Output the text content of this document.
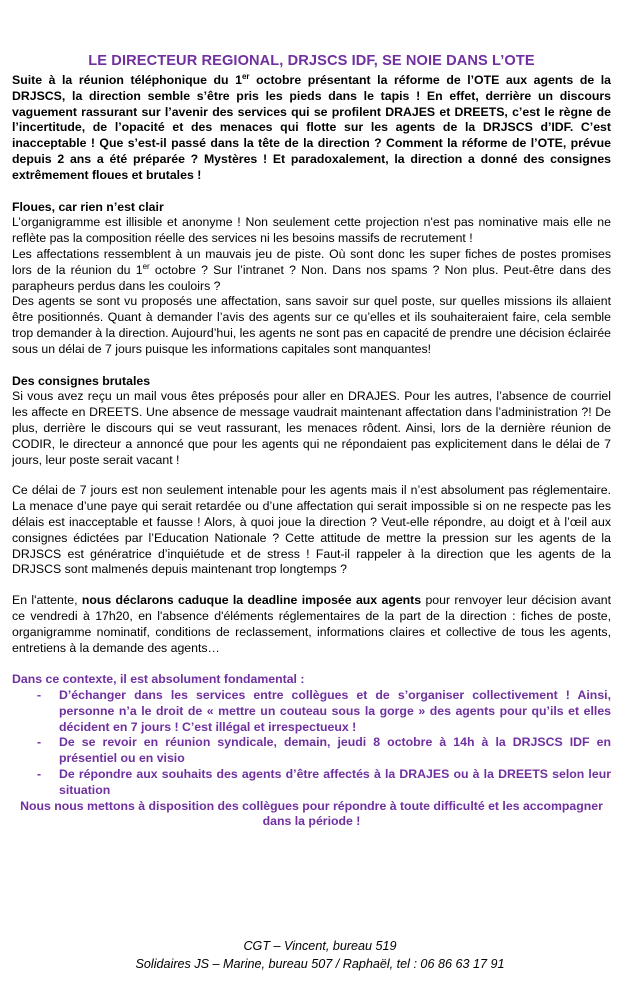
LE DIRECTEUR REGIONAL, DRJSCS IDF, SE NOIE DANS L’OTE

Suite à la réunion téléphonique du 1er octobre présentant la réforme de l’OTE aux agents de la DRJSCS, la direction semble s’être pris les pieds dans le tapis ! En effet, derrière un discours vaguement rassurant sur l’avenir des services qui se profilent DRAJES et DREETS, c’est le règne de l’incertitude, de l’opacité et des menaces qui flotte sur les agents de la DRJSCS d’IDF. C’est inacceptable ! Que s’est-il passé dans la tête de la direction ? Comment la réforme de l’OTE, prévue depuis 2 ans a été préparée ? Mystères ! Et paradoxalement, la direction a donné des consignes extrêmement floues et brutales !

Floues, car rien n’est clair

L’organigramme est illisible et anonyme ! Non seulement cette projection n'est pas nominative mais elle ne reflète pas la composition réelle des services ni les besoins massifs de recrutement !

Les affectations ressemblent à un mauvais jeu de piste. Où sont donc les super fiches de postes promises lors de la réunion du 1er octobre ? Sur l’intranet ? Non. Dans nos spams ? Non plus. Peut-être dans des parapheurs perdus dans les couloirs ?

Des agents se sont vu proposés une affectation, sans savoir sur quel poste, sur quelles missions ils allaient être positionnés. Quant à demander l’avis des agents sur ce qu’elles et ils souhaiteraient faire, cela semble trop demander à la direction. Aujourd’hui, les agents ne sont pas en capacité de prendre une décision éclairée sous un délai de 7 jours puisque les informations capitales sont manquantes!

Des consignes brutales

Si vous avez reçu un mail vous êtes préposés pour aller en DRAJES. Pour les autres, l’absence de courriel les affecte en DREETS. Une absence de message vaudrait maintenant affectation dans l’administration ?! De plus, derrière le discours qui se veut rassurant, les menaces rôdent. Ainsi, lors de la dernière réunion de CODIR, le directeur a annoncé que pour les agents qui ne répondaient pas explicitement dans le délai de 7 jours, leur poste serait vacant !

Ce délai de 7 jours est non seulement intenable pour les agents mais il n’est absolument pas réglementaire. La menace d’une paye qui serait retardée ou d’une affectation qui serait impossible si on ne respecte pas les délais est inacceptable et fausse ! Alors, à quoi joue la direction ? Veut-elle répondre, au doigt et à l’œil aux consignes édictées par l’Education Nationale ? Cette attitude de mettre la pression sur les agents de la DRJSCS est génératrice d’inquiétude et de stress ! Faut-il rappeler à la direction que les agents de la DRJSCS sont malmenés depuis maintenant trop longtemps ?

En l'attente, nous déclarons caduque la deadline imposée aux agents pour renvoyer leur décision avant ce vendredi à 17h20, en l'absence d'éléments réglementaires de la part de la direction : fiches de poste, organigramme nominatif, conditions de reclassement, informations claires et collective de tous les agents, entretiens à la demande des agents…

Dans ce contexte, il est absolument fondamental :

- D’échanger dans les services entre collègues et de s’organiser collectivement ! Ainsi, personne n’a le droit de « mettre un couteau sous la gorge » des agents pour qu’ils et elles décident en 7 jours ! C’est illégal et irrespectueux !
- De se revoir en réunion syndicale, demain, jeudi 8 octobre à 14h à la DRJSCS IDF en présentiel ou en visio
- De répondre aux souhaits des agents d’être affectés à la DRAJES ou à la DREETS selon leur situation

Nous nous mettons à disposition des collègues pour répondre à toute difficulté et les accompagner dans la période !

CGT – Vincent, bureau 519
Solidaires JS – Marine, bureau 507 / Raphaël, tel : 06 86 63 17 91
